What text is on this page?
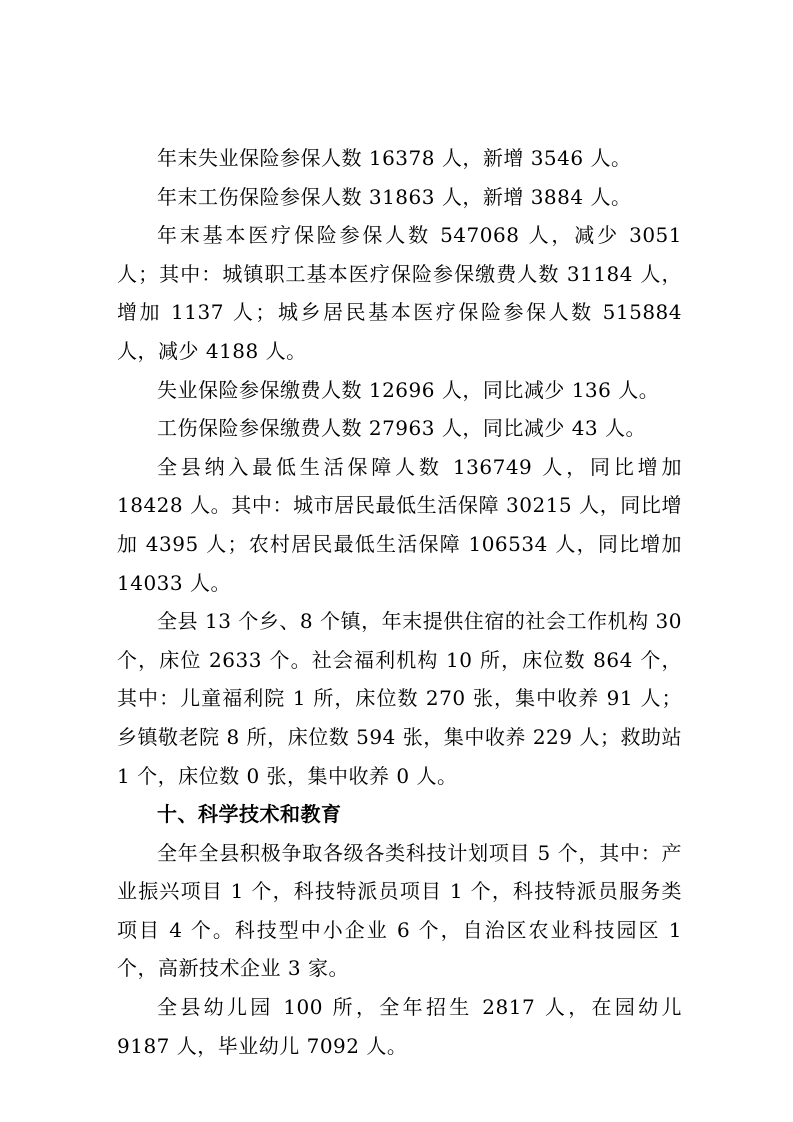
年末失业保险参保人数 16378 人，新增 3546 人。

年末工伤保险参保人数 31863 人，新增 3884 人。

年末基本医疗保险参保人数 547068 人，减少 3051 人；其中：城镇职工基本医疗保险参保缴费人数 31184 人，增加 1137 人；城乡居民基本医疗保险参保人数 515884 人，减少 4188 人。

失业保险参保缴费人数 12696 人，同比减少 136 人。

工伤保险参保缴费人数 27963 人，同比减少 43 人。

全县纳入最低生活保障人数 136749 人，同比增加 18428 人。其中：城市居民最低生活保障 30215 人，同比增加 4395 人；农村居民最低生活保障 106534 人，同比增加 14033 人。

全县 13 个乡、8 个镇，年末提供住宿的社会工作机构 30 个，床位 2633 个。社会福利机构 10 所，床位数 864 个，其中：儿童福利院 1 所，床位数 270 张，集中收养 91 人；乡镇敬老院 8 所，床位数 594 张，集中收养 229 人；救助站 1 个，床位数 0 张，集中收养 0 人。

十、科学技术和教育

全年全县积极争取各级各类科技计划项目 5 个，其中：产业振兴项目 1 个，科技特派员项目 1 个，科技特派员服务类项目 4 个。科技型中小企业 6 个，自治区农业科技园区 1 个，高新技术企业 3 家。

全县幼儿园 100 所，全年招生 2817 人，在园幼儿 9187 人，毕业幼儿 7092 人。
